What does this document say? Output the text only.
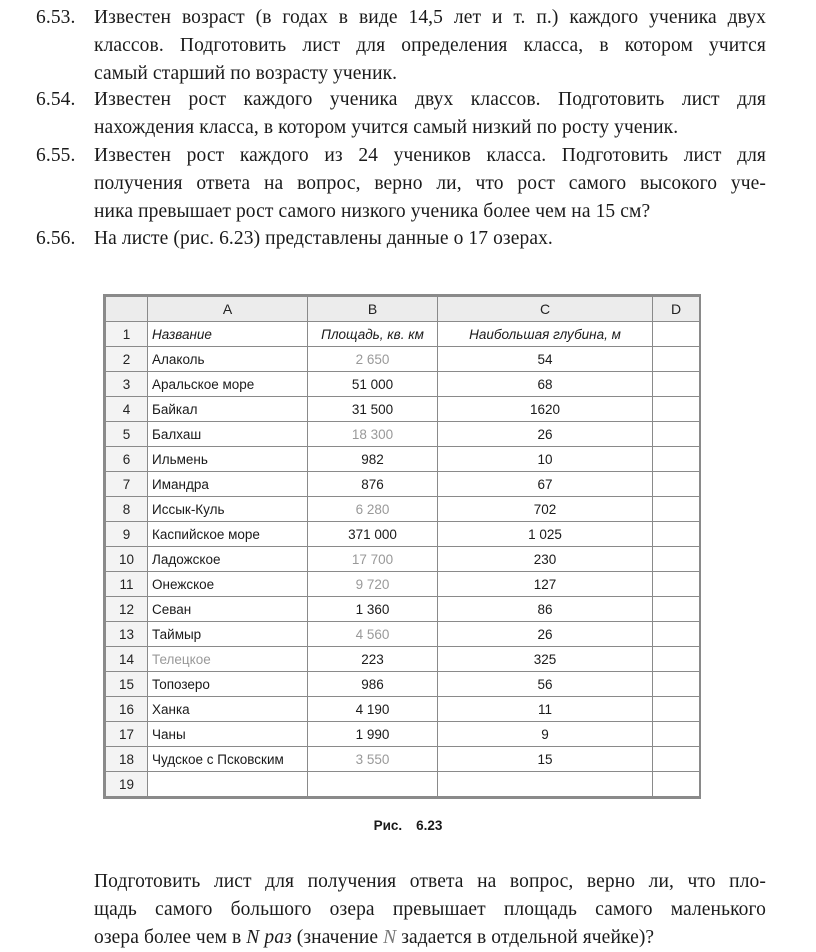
6.53. Известен возраст (в годах в виде 14,5 лет и т. п.) каждого ученика двух
классов. Подготовить лист для определения класса, в котором учится
самый старший по возрасту ученик.
6.54. Известен рост каждого ученика двух классов. Подготовить лист для
нахождения класса, в котором учится самый низкий по росту ученик.
6.55. Известен рост каждого из 24 учеников класса. Подготовить лист для
получения ответа на вопрос, верно ли, что рост самого высокого уче-
ника превышает рост самого низкого ученика более чем на 15 см?
6.56. На листе (рис. 6.23) представлены данные о 17 озерах.
	A	B	C	D
1	Название	Площадь, кв. км	Наибольшая глубина, м	
2	Алаколь	2 650	54	
3	Аральское море	51 000	68	
4	Байкал	31 500	1620	
5	Балхаш	18 300	26	
6	Ильмень	982	10	
7	Имандра	876	67	
8	Иссык-Куль	6 280	702	
9	Каспийское море	371 000	1 025	
10	Ладожское	17 700	230	
11	Онежское	9 720	127	
12	Севан	1 360	86	
13	Таймыр	4 560	26	
14	Телецкое	223	325	
15	Топозеро	986	56	
16	Ханка	4 190	11	
17	Чаны	1 990	9	
18	Чудское с Псковским	3 550	15	
19				
Рис. 6.23
Подготовить лист для получения ответа на вопрос, верно ли, что пло-
щадь самого большого озера превышает площадь самого маленького
озера более чем в N раз (значение N задается в отдельной ячейке)?
